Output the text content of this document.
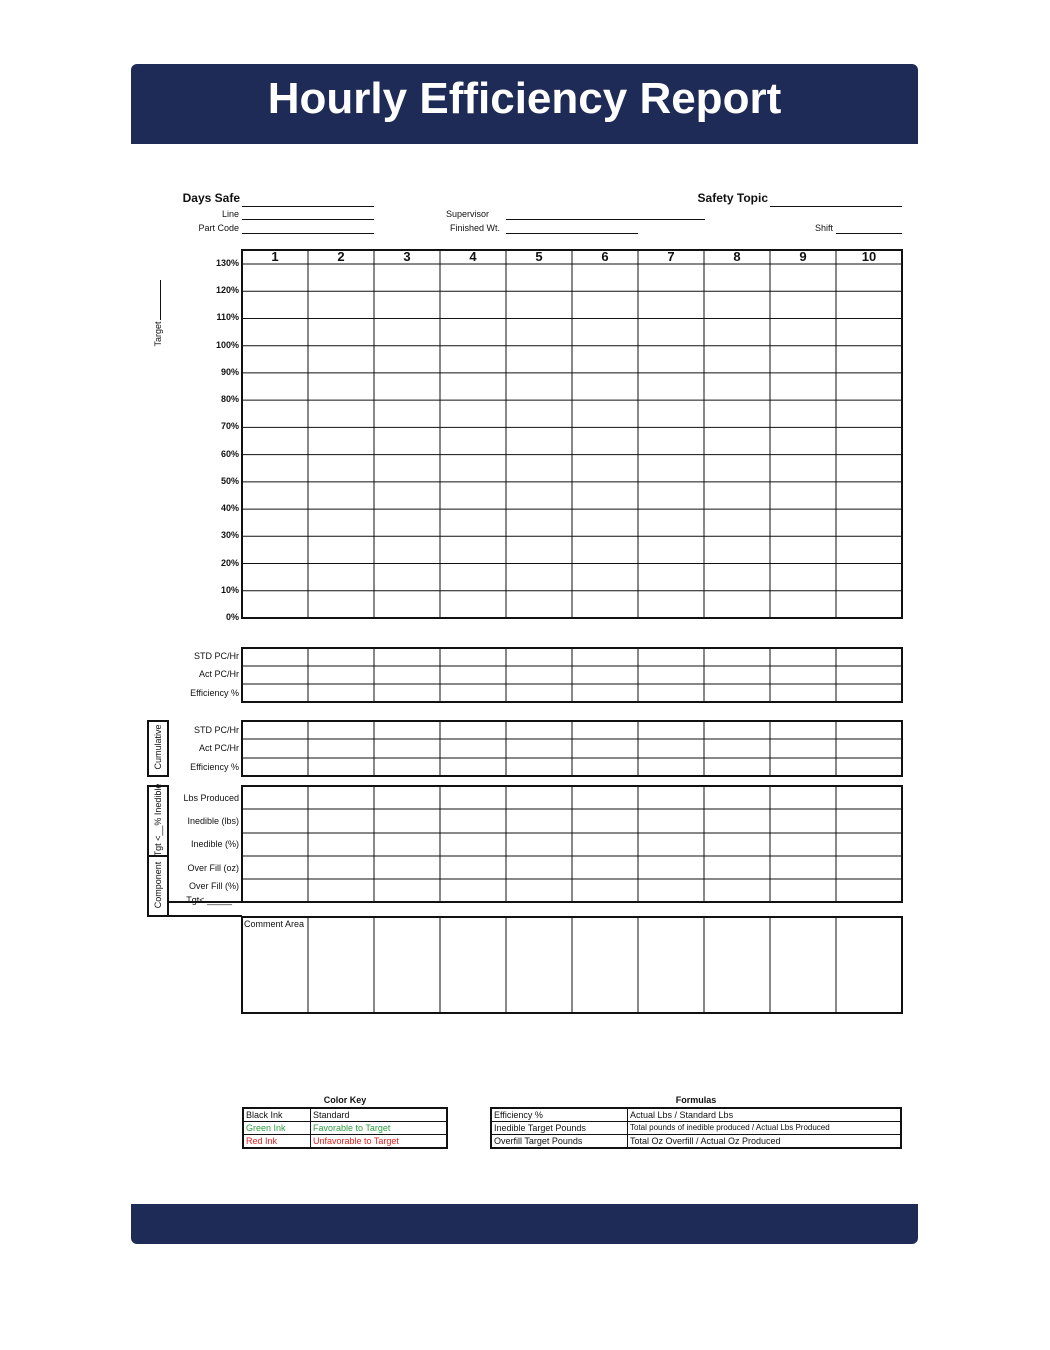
Hourly Efficiency Report
Days Safe	Safety Topic
Line	Supervisor
Part Code	Finished Wt.	Shift
Target
1	2	3	4	5	6	7	8	9	10
130%
120%
110%
100%
90%
80%
70%
60%
50%
40%
30%
20%
10%
0%
STD PC/Hr
Act PC/Hr
Efficiency %
STD PC/Hr
Act PC/Hr
Efficiency %
Lbs Produced
Inedible (lbs)
Inedible (%)
Over Fill (oz)
Over Fill (%)
Cumulative
Tgt <__% Inedible
Component	Tgt< _____
Comment Area
Color Key
Black Ink	Standard
Green Ink	Favorable to Target
Red Ink	Unfavorable to Target
Formulas
Efficiency %	Actual Lbs / Standard Lbs
Inedible Target Pounds	Total pounds of inedible produced / Actual Lbs Produced
Overfill Target Pounds	Total Oz Overfill / Actual Oz Produced
